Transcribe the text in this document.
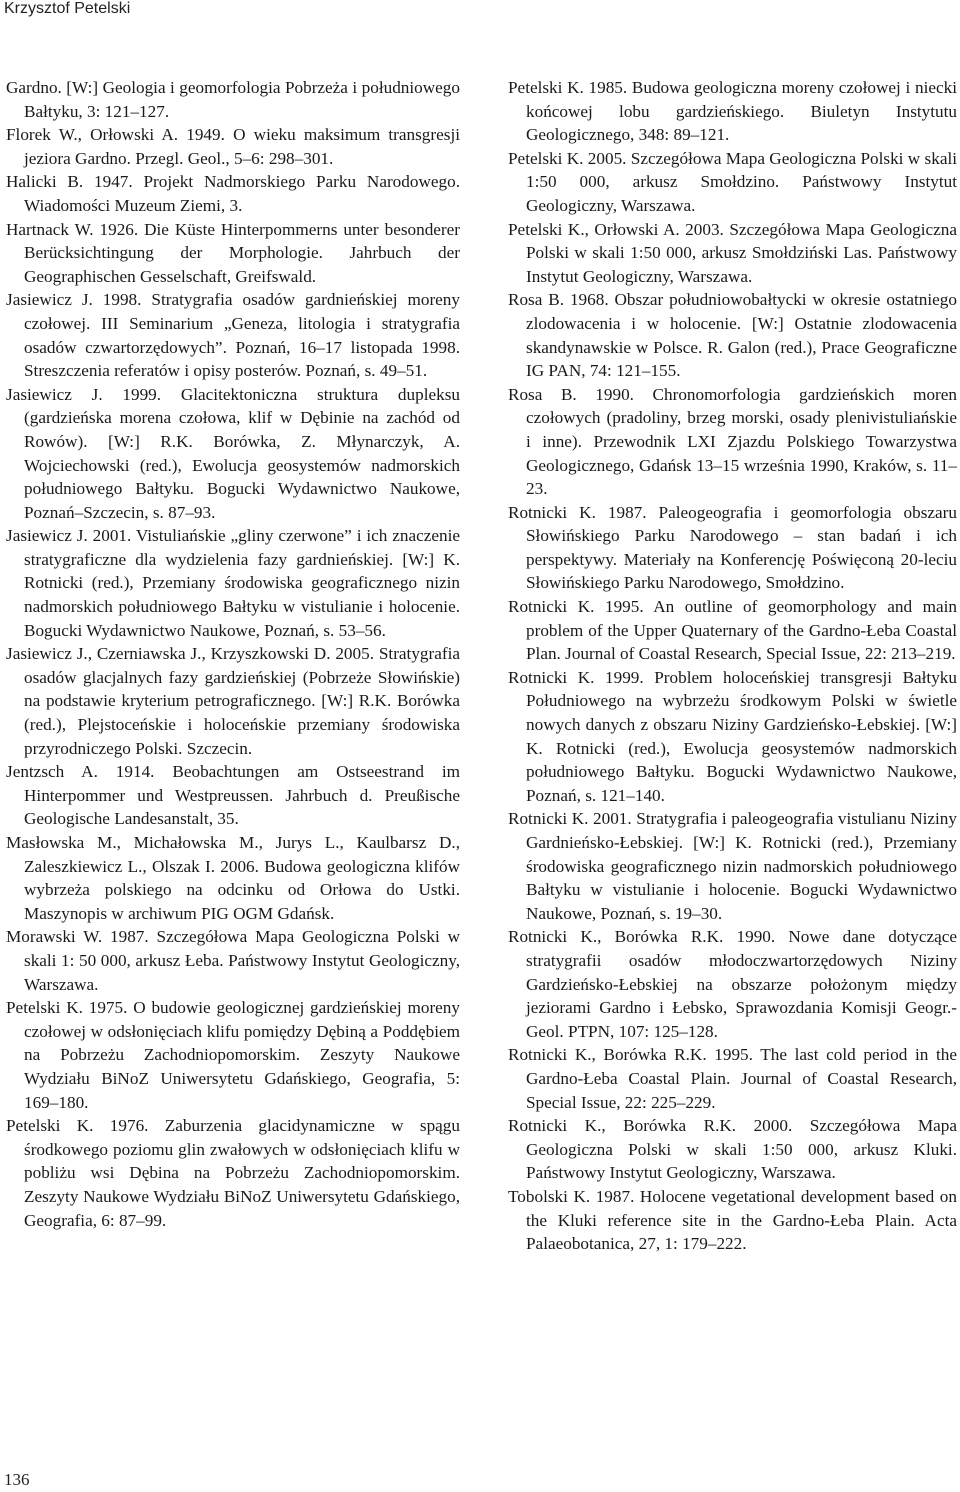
Krzysztof Petelski

Gardno. [W:] Geologia i geomorfologia Pobrzeża i południowego Bałtyku, 3: 121–127.

Florek W., Orłowski A. 1949. O wieku maksimum transgresji jeziora Gardno. Przegl. Geol., 5–6: 298–301.

Halicki B. 1947. Projekt Nadmorskiego Parku Narodowego. Wiadomości Muzeum Ziemi, 3.

Hartnack W. 1926. Die Küste Hinterpommerns unter besonderer Berücksichtingung der Morphologie. Jahrbuch der Geographischen Gesselschaft, Greifswald.

Jasiewicz J. 1998. Stratygrafia osadów gardnieńskiej moreny czołowej. III Seminarium „Geneza, litologia i stratygrafia osadów czwartorzędowych”. Poznań, 16–17 listopada 1998. Streszczenia referatów i opisy posterów. Poznań, s. 49–51.

Jasiewicz J. 1999. Glacitektoniczna struktura dupleksu (gardzieńska morena czołowa, klif w Dębinie na zachód od Rowów). [W:] R.K. Borówka, Z. Młynarczyk, A. Wojciechowski (red.), Ewolucja geosystemów nadmorskich południowego Bałtyku. Bogucki Wydawnictwo Naukowe, Poznań–Szczecin, s. 87–93.

Jasiewicz J. 2001. Vistuliańskie „gliny czerwone” i ich znaczenie stratygraficzne dla wydzielenia fazy gardnieńskiej. [W:] K. Rotnicki (red.), Przemiany środowiska geograficznego nizin nadmorskich południowego Bałtyku w vistulianie i holocenie. Bogucki Wydawnictwo Naukowe, Poznań, s. 53–56.

Jasiewicz J., Czerniawska J., Krzyszkowski D. 2005. Stratygrafia osadów glacjalnych fazy gardzieńskiej (Pobrzeże Słowińskie) na podstawie kryterium petrograficznego. [W:] R.K. Borówka (red.), Plejstoceńskie i holoceńskie przemiany środowiska przyrodniczego Polski. Szczecin.

Jentzsch A. 1914. Beobachtungen am Ostseestrand im Hinterpommer und Westpreussen. Jahrbuch d. Preußische Geologische Landesanstalt, 35.

Masłowska M., Michałowska M., Jurys L., Kaulbarsz D., Zaleszkiewicz L., Olszak I. 2006. Budowa geologiczna klifów wybrzeża polskiego na odcinku od Orłowa do Ustki. Maszynopis w archiwum PIG OGM Gdańsk.

Morawski W. 1987. Szczegółowa Mapa Geologiczna Polski w skali 1: 50 000, arkusz Łeba. Państwowy Instytut Geologiczny, Warszawa.

Petelski K. 1975. O budowie geologicznej gardzieńskiej moreny czołowej w odsłonięciach klifu pomiędzy Dębiną a Poddębiem na Pobrzeżu Zachodniopomorskim. Zeszyty Naukowe Wydziału BiNoZ Uniwersytetu Gdańskiego, Geografia, 5: 169–180.

Petelski K. 1976. Zaburzenia glacidynamiczne w spągu środkowego poziomu glin zwałowych w odsłonięciach klifu w pobliżu wsi Dębina na Pobrzeżu Zachodniopomorskim. Zeszyty Naukowe Wydziału BiNoZ Uniwersytetu Gdańskiego, Geografia, 6: 87–99.

Petelski K. 1985. Budowa geologiczna moreny czołowej i niecki końcowej lobu gardzieńskiego. Biuletyn Instytutu Geologicznego, 348: 89–121.

Petelski K. 2005. Szczegółowa Mapa Geologiczna Polski w skali 1:50 000, arkusz Smołdzino. Państwowy Instytut Geologiczny, Warszawa.

Petelski K., Orłowski A. 2003. Szczegółowa Mapa Geologiczna Polski w skali 1:50 000, arkusz Smołdziński Las. Państwowy Instytut Geologiczny, Warszawa.

Rosa B. 1968. Obszar południowobałtycki w okresie ostatniego zlodowacenia i w holocenie. [W:] Ostatnie zlodowacenia skandynawskie w Polsce. R. Galon (red.), Prace Geograficzne IG PAN, 74: 121–155.

Rosa B. 1990. Chronomorfologia gardzieńskich moren czołowych (pradoliny, brzeg morski, osady plenivistuliańskie i inne). Przewodnik LXI Zjazdu Polskiego Towarzystwa Geologicznego, Gdańsk 13–15 września 1990, Kraków, s. 11–23.

Rotnicki K. 1987. Paleogeografia i geomorfologia obszaru Słowińskiego Parku Narodowego – stan badań i ich perspektywy. Materiały na Konferencję Poświęconą 20-leciu Słowińskiego Parku Narodowego, Smołdzino.

Rotnicki K. 1995. An outline of geomorphology and main problem of the Upper Quaternary of the Gardno-Łeba Coastal Plan. Journal of Coastal Research, Special Issue, 22: 213–219.

Rotnicki K. 1999. Problem holoceńskiej transgresji Bałtyku Południowego na wybrzeżu środkowym Polski w świetle nowych danych z obszaru Niziny Gardzieńsko-Łebskiej. [W:] K. Rotnicki (red.), Ewolucja geosystemów nadmorskich południowego Bałtyku. Bogucki Wydawnictwo Naukowe, Poznań, s. 121–140.

Rotnicki K. 2001. Stratygrafia i paleogeografia vistulianu Niziny Gardnieńsko-Łebskiej. [W:] K. Rotnicki (red.), Przemiany środowiska geograficznego nizin nadmorskich południowego Bałtyku w vistulianie i holocenie. Bogucki Wydawnictwo Naukowe, Poznań, s. 19–30.

Rotnicki K., Borówka R.K. 1990. Nowe dane dotyczące stratygrafii osadów młodoczwartorzędowych Niziny Gardzieńsko-Łebskiej na obszarze położonym między jeziorami Gardno i Łebsko, Sprawozdania Komisji Geogr.-Geol. PTPN, 107: 125–128.

Rotnicki K., Borówka R.K. 1995. The last cold period in the Gardno-Łeba Coastal Plain. Journal of Coastal Research, Special Issue, 22: 225–229.

Rotnicki K., Borówka R.K. 2000. Szczegółowa Mapa Geologiczna Polski w skali 1:50 000, arkusz Kluki. Państwowy Instytut Geologiczny, Warszawa.

Tobolski K. 1987. Holocene vegetational development based on the Kluki reference site in the Gardno-Łeba Plain. Acta Palaeobotanica, 27, 1: 179–222.

136
